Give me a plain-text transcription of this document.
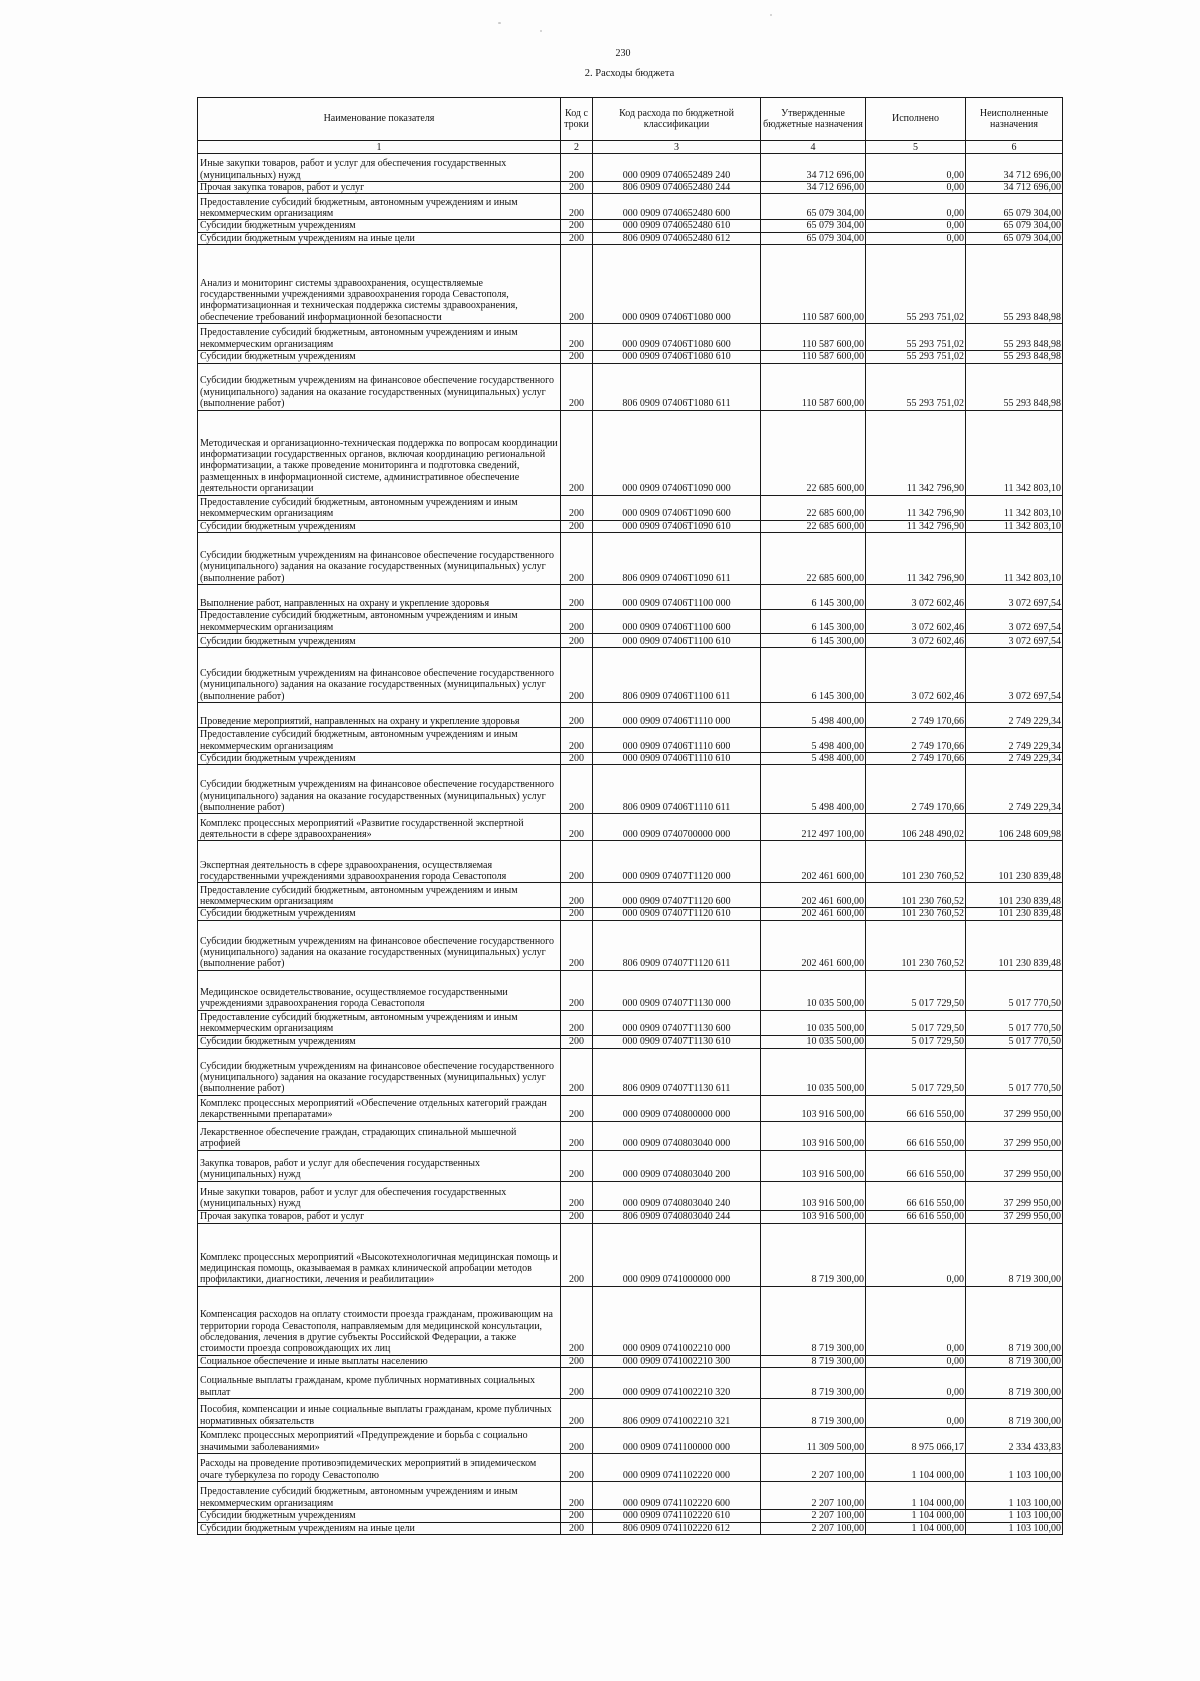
230
2. Расходы бюджета
Наименование показателя	Код строки	Код расхода по бюджетной классификации	Утвержденные бюджетные назначения	Исполнено	Неисполненные назначения
1	2	3	4	5	6
Иные закупки товаров, работ и услуг для обеспечения государственных (муниципальных) нужд	200	000 0909 0740652489 240	34 712 696,00	0,00	34 712 696,00
Прочая закупка товаров, работ и услуг	200	806 0909 0740652480 244	34 712 696,00	0,00	34 712 696,00
Предоставление субсидий бюджетным, автономным учреждениям и иным некоммерческим организациям	200	000 0909 0740652480 600	65 079 304,00	0,00	65 079 304,00
Субсидии бюджетным учреждениям	200	000 0909 0740652480 610	65 079 304,00	0,00	65 079 304,00
Субсидии бюджетным учреждениям на иные цели	200	806 0909 0740652480 612	65 079 304,00	0,00	65 079 304,00
Анализ и мониторинг системы здравоохранения, осуществляемые государственными учреждениями здравоохранения города Севастополя, информатизационная и техническая поддержка системы здравоохранения, обеспечение требований информационной безопасности	200	000 0909 07406T1080 000	110 587 600,00	55 293 751,02	55 293 848,98
Предоставление субсидий бюджетным, автономным учреждениям и иным некоммерческим организациям	200	000 0909 07406T1080 600	110 587 600,00	55 293 751,02	55 293 848,98
Субсидии бюджетным учреждениям	200	000 0909 07406T1080 610	110 587 600,00	55 293 751,02	55 293 848,98
Субсидии бюджетным учреждениям на финансовое обеспечение государственного (муниципального) задания на оказание государственных (муниципальных) услуг (выполнение работ)	200	806 0909 07406T1080 611	110 587 600,00	55 293 751,02	55 293 848,98
Методическая и организационно-техническая поддержка по вопросам координации информатизации государственных органов, включая координацию региональной информатизации, а также проведение мониторинга и подготовка сведений, размещенных в информационной системе, административное обеспечение деятельности организации	200	000 0909 07406T1090 000	22 685 600,00	11 342 796,90	11 342 803,10
Предоставление субсидий бюджетным, автономным учреждениям и иным некоммерческим организациям	200	000 0909 07406T1090 600	22 685 600,00	11 342 796,90	11 342 803,10
Субсидии бюджетным учреждениям	200	000 0909 07406T1090 610	22 685 600,00	11 342 796,90	11 342 803,10
Субсидии бюджетным учреждениям на финансовое обеспечение государственного (муниципального) задания на оказание государственных (муниципальных) услуг (выполнение работ)	200	806 0909 07406T1090 611	22 685 600,00	11 342 796,90	11 342 803,10
Выполнение работ, направленных на охрану и укрепление здоровья	200	000 0909 07406T1100 000	6 145 300,00	3 072 602,46	3 072 697,54
Предоставление субсидий бюджетным, автономным учреждениям и иным некоммерческим организациям	200	000 0909 07406T1100 600	6 145 300,00	3 072 602,46	3 072 697,54
Субсидии бюджетным учреждениям	200	000 0909 07406T1100 610	6 145 300,00	3 072 602,46	3 072 697,54
Субсидии бюджетным учреждениям на финансовое обеспечение государственного (муниципального) задания на оказание государственных (муниципальных) услуг (выполнение работ)	200	806 0909 07406T1100 611	6 145 300,00	3 072 602,46	3 072 697,54
Проведение мероприятий, направленных на охрану и укрепление здоровья	200	000 0909 07406T1110 000	5 498 400,00	2 749 170,66	2 749 229,34
Предоставление субсидий бюджетным, автономным учреждениям и иным некоммерческим организациям	200	000 0909 07406T1110 600	5 498 400,00	2 749 170,66	2 749 229,34
Субсидии бюджетным учреждениям	200	000 0909 07406T1110 610	5 498 400,00	2 749 170,66	2 749 229,34
Субсидии бюджетным учреждениям на финансовое обеспечение государственного (муниципального) задания на оказание государственных (муниципальных) услуг (выполнение работ)	200	806 0909 07406T1110 611	5 498 400,00	2 749 170,66	2 749 229,34
Комплекс процессных мероприятий «Развитие государственной экспертной деятельности в сфере здравоохранения»	200	000 0909 0740700000 000	212 497 100,00	106 248 490,02	106 248 609,98
Экспертная деятельность в сфере здравоохранения, осуществляемая государственными учреждениями здравоохранения города Севастополя	200	000 0909 07407T1120 000	202 461 600,00	101 230 760,52	101 230 839,48
Предоставление субсидий бюджетным, автономным учреждениям и иным некоммерческим организациям	200	000 0909 07407T1120 600	202 461 600,00	101 230 760,52	101 230 839,48
Субсидии бюджетным учреждениям	200	000 0909 07407T1120 610	202 461 600,00	101 230 760,52	101 230 839,48
Субсидии бюджетным учреждениям на финансовое обеспечение государственного (муниципального) задания на оказание государственных (муниципальных) услуг (выполнение работ)	200	806 0909 07407T1120 611	202 461 600,00	101 230 760,52	101 230 839,48
Медицинское освидетельствование, осуществляемое государственными учреждениями здравоохранения города Севастополя	200	000 0909 07407T1130 000	10 035 500,00	5 017 729,50	5 017 770,50
Предоставление субсидий бюджетным, автономным учреждениям и иным некоммерческим организациям	200	000 0909 07407T1130 600	10 035 500,00	5 017 729,50	5 017 770,50
Субсидии бюджетным учреждениям	200	000 0909 07407T1130 610	10 035 500,00	5 017 729,50	5 017 770,50
Субсидии бюджетным учреждениям на финансовое обеспечение государственного (муниципального) задания на оказание государственных (муниципальных) услуг (выполнение работ)	200	806 0909 07407T1130 611	10 035 500,00	5 017 729,50	5 017 770,50
Комплекс процессных мероприятий «Обеспечение отдельных категорий граждан лекарственными препаратами»	200	000 0909 0740800000 000	103 916 500,00	66 616 550,00	37 299 950,00
Лекарственное обеспечение граждан, страдающих спинальной мышечной атрофией	200	000 0909 0740803040 000	103 916 500,00	66 616 550,00	37 299 950,00
Закупка товаров, работ и услуг для обеспечения государственных (муниципальных) нужд	200	000 0909 0740803040 200	103 916 500,00	66 616 550,00	37 299 950,00
Иные закупки товаров, работ и услуг для обеспечения государственных (муниципальных) нужд	200	000 0909 0740803040 240	103 916 500,00	66 616 550,00	37 299 950,00
Прочая закупка товаров, работ и услуг	200	806 0909 0740803040 244	103 916 500,00	66 616 550,00	37 299 950,00
Комплекс процессных мероприятий «Высокотехнологичная медицинская помощь и медицинская помощь, оказываемая в рамках клинической апробации методов профилактики, диагностики, лечения и реабилитации»	200	000 0909 0741000000 000	8 719 300,00	0,00	8 719 300,00
Компенсация расходов на оплату стоимости проезда гражданам, проживающим на территории города Севастополя, направляемым для медицинской консультации, обследования, лечения в другие субъекты Российской Федерации, а также стоимости проезда сопровождающих их лиц	200	000 0909 0741002210 000	8 719 300,00	0,00	8 719 300,00
Социальное обеспечение и иные выплаты населению	200	000 0909 0741002210 300	8 719 300,00	0,00	8 719 300,00
Социальные выплаты гражданам, кроме публичных нормативных социальных выплат	200	000 0909 0741002210 320	8 719 300,00	0,00	8 719 300,00
Пособия, компенсации и иные социальные выплаты гражданам, кроме публичных нормативных обязательств	200	806 0909 0741002210 321	8 719 300,00	0,00	8 719 300,00
Комплекс процессных мероприятий «Предупреждение и борьба с социально значимыми заболеваниями»	200	000 0909 0741100000 000	11 309 500,00	8 975 066,17	2 334 433,83
Расходы на проведение противоэпидемических мероприятий в эпидемическом очаге туберкулеза по городу Севастополю	200	000 0909 0741102220 000	2 207 100,00	1 104 000,00	1 103 100,00
Предоставление субсидий бюджетным, автономным учреждениям и иным некоммерческим организациям	200	000 0909 0741102220 600	2 207 100,00	1 104 000,00	1 103 100,00
Субсидии бюджетным учреждениям	200	000 0909 0741102220 610	2 207 100,00	1 104 000,00	1 103 100,00
Субсидии бюджетным учреждениям на иные цели	200	806 0909 0741102220 612	2 207 100,00	1 104 000,00	1 103 100,00
